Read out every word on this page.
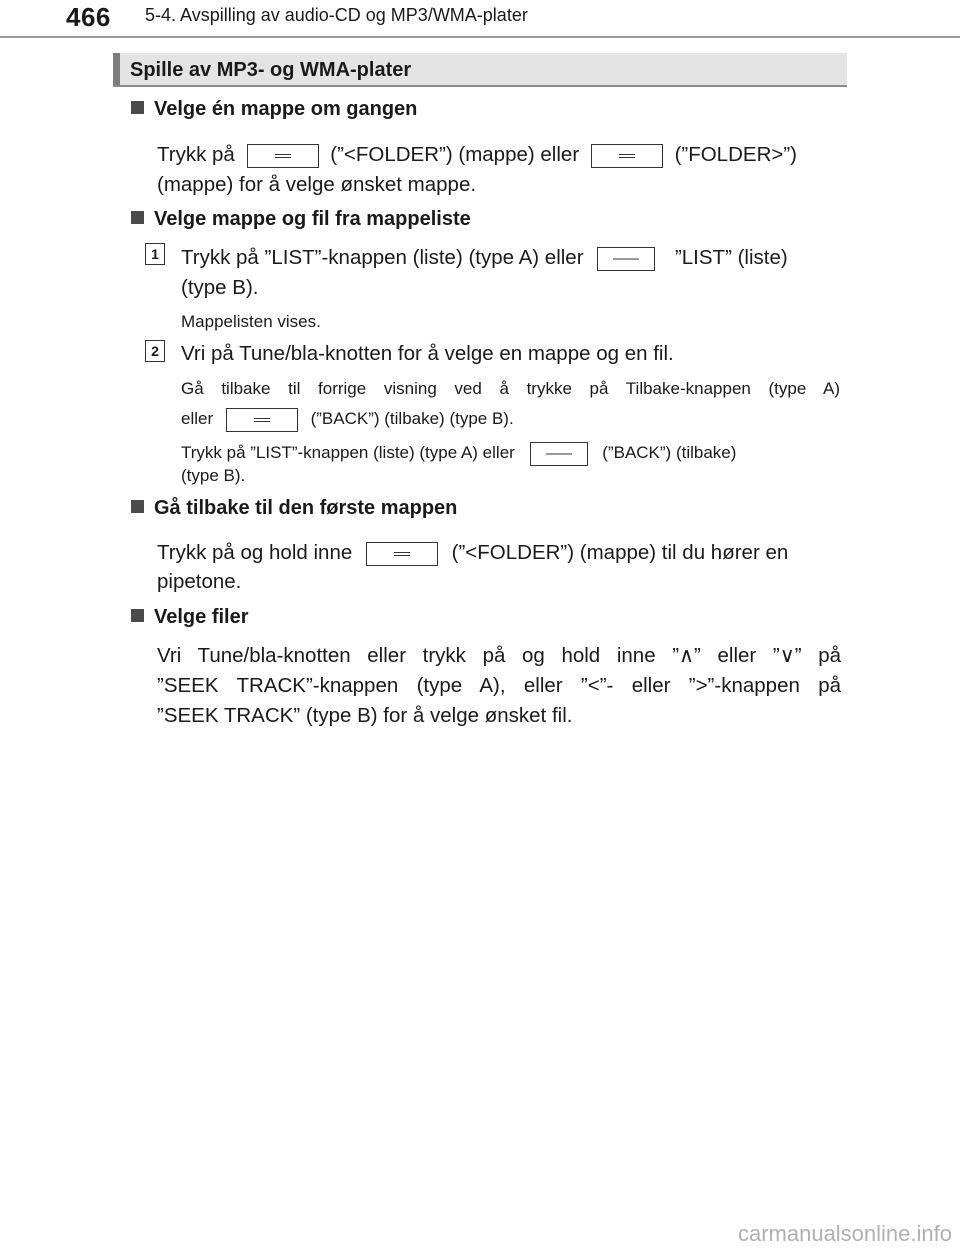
466 5-4. Avspilling av audio-CD og MP3/WMA-plater
Spille av MP3- og WMA-plater
Velge én mappe om gangen
Trykk på	(”<FOLDER”) (mappe) eller	(”FOLDER>”)
(mappe) for å velge ønsket mappe.
Velge mappe og fil fra mappeliste
1 Trykk på ”LIST”-knappen (liste) (type A) eller	”LIST” (liste)
(type B).
Mappelisten vises.
2 Vri på Tune/bla-knotten for å velge en mappe og en fil.
Gå tilbake til forrige visning ved å trykke på Tilbake-knappen (type A)
eller	(”BACK”) (tilbake) (type B).
Trykk på ”LIST”-knappen (liste) (type A) eller	(”BACK”) (tilbake)
(type B).
Gå tilbake til den første mappen
Trykk på og hold inne	(”<FOLDER”) (mappe) til du hører en
pipetone.
Velge filer
Vri Tune/bla-knotten eller trykk på og hold inne ”∧” eller ”∨” på
”SEEK TRACK”-knappen (type A), eller ”<”- eller ”>”-knappen på
”SEEK TRACK” (type B) for å velge ønsket fil.
carmanualsonline.info
